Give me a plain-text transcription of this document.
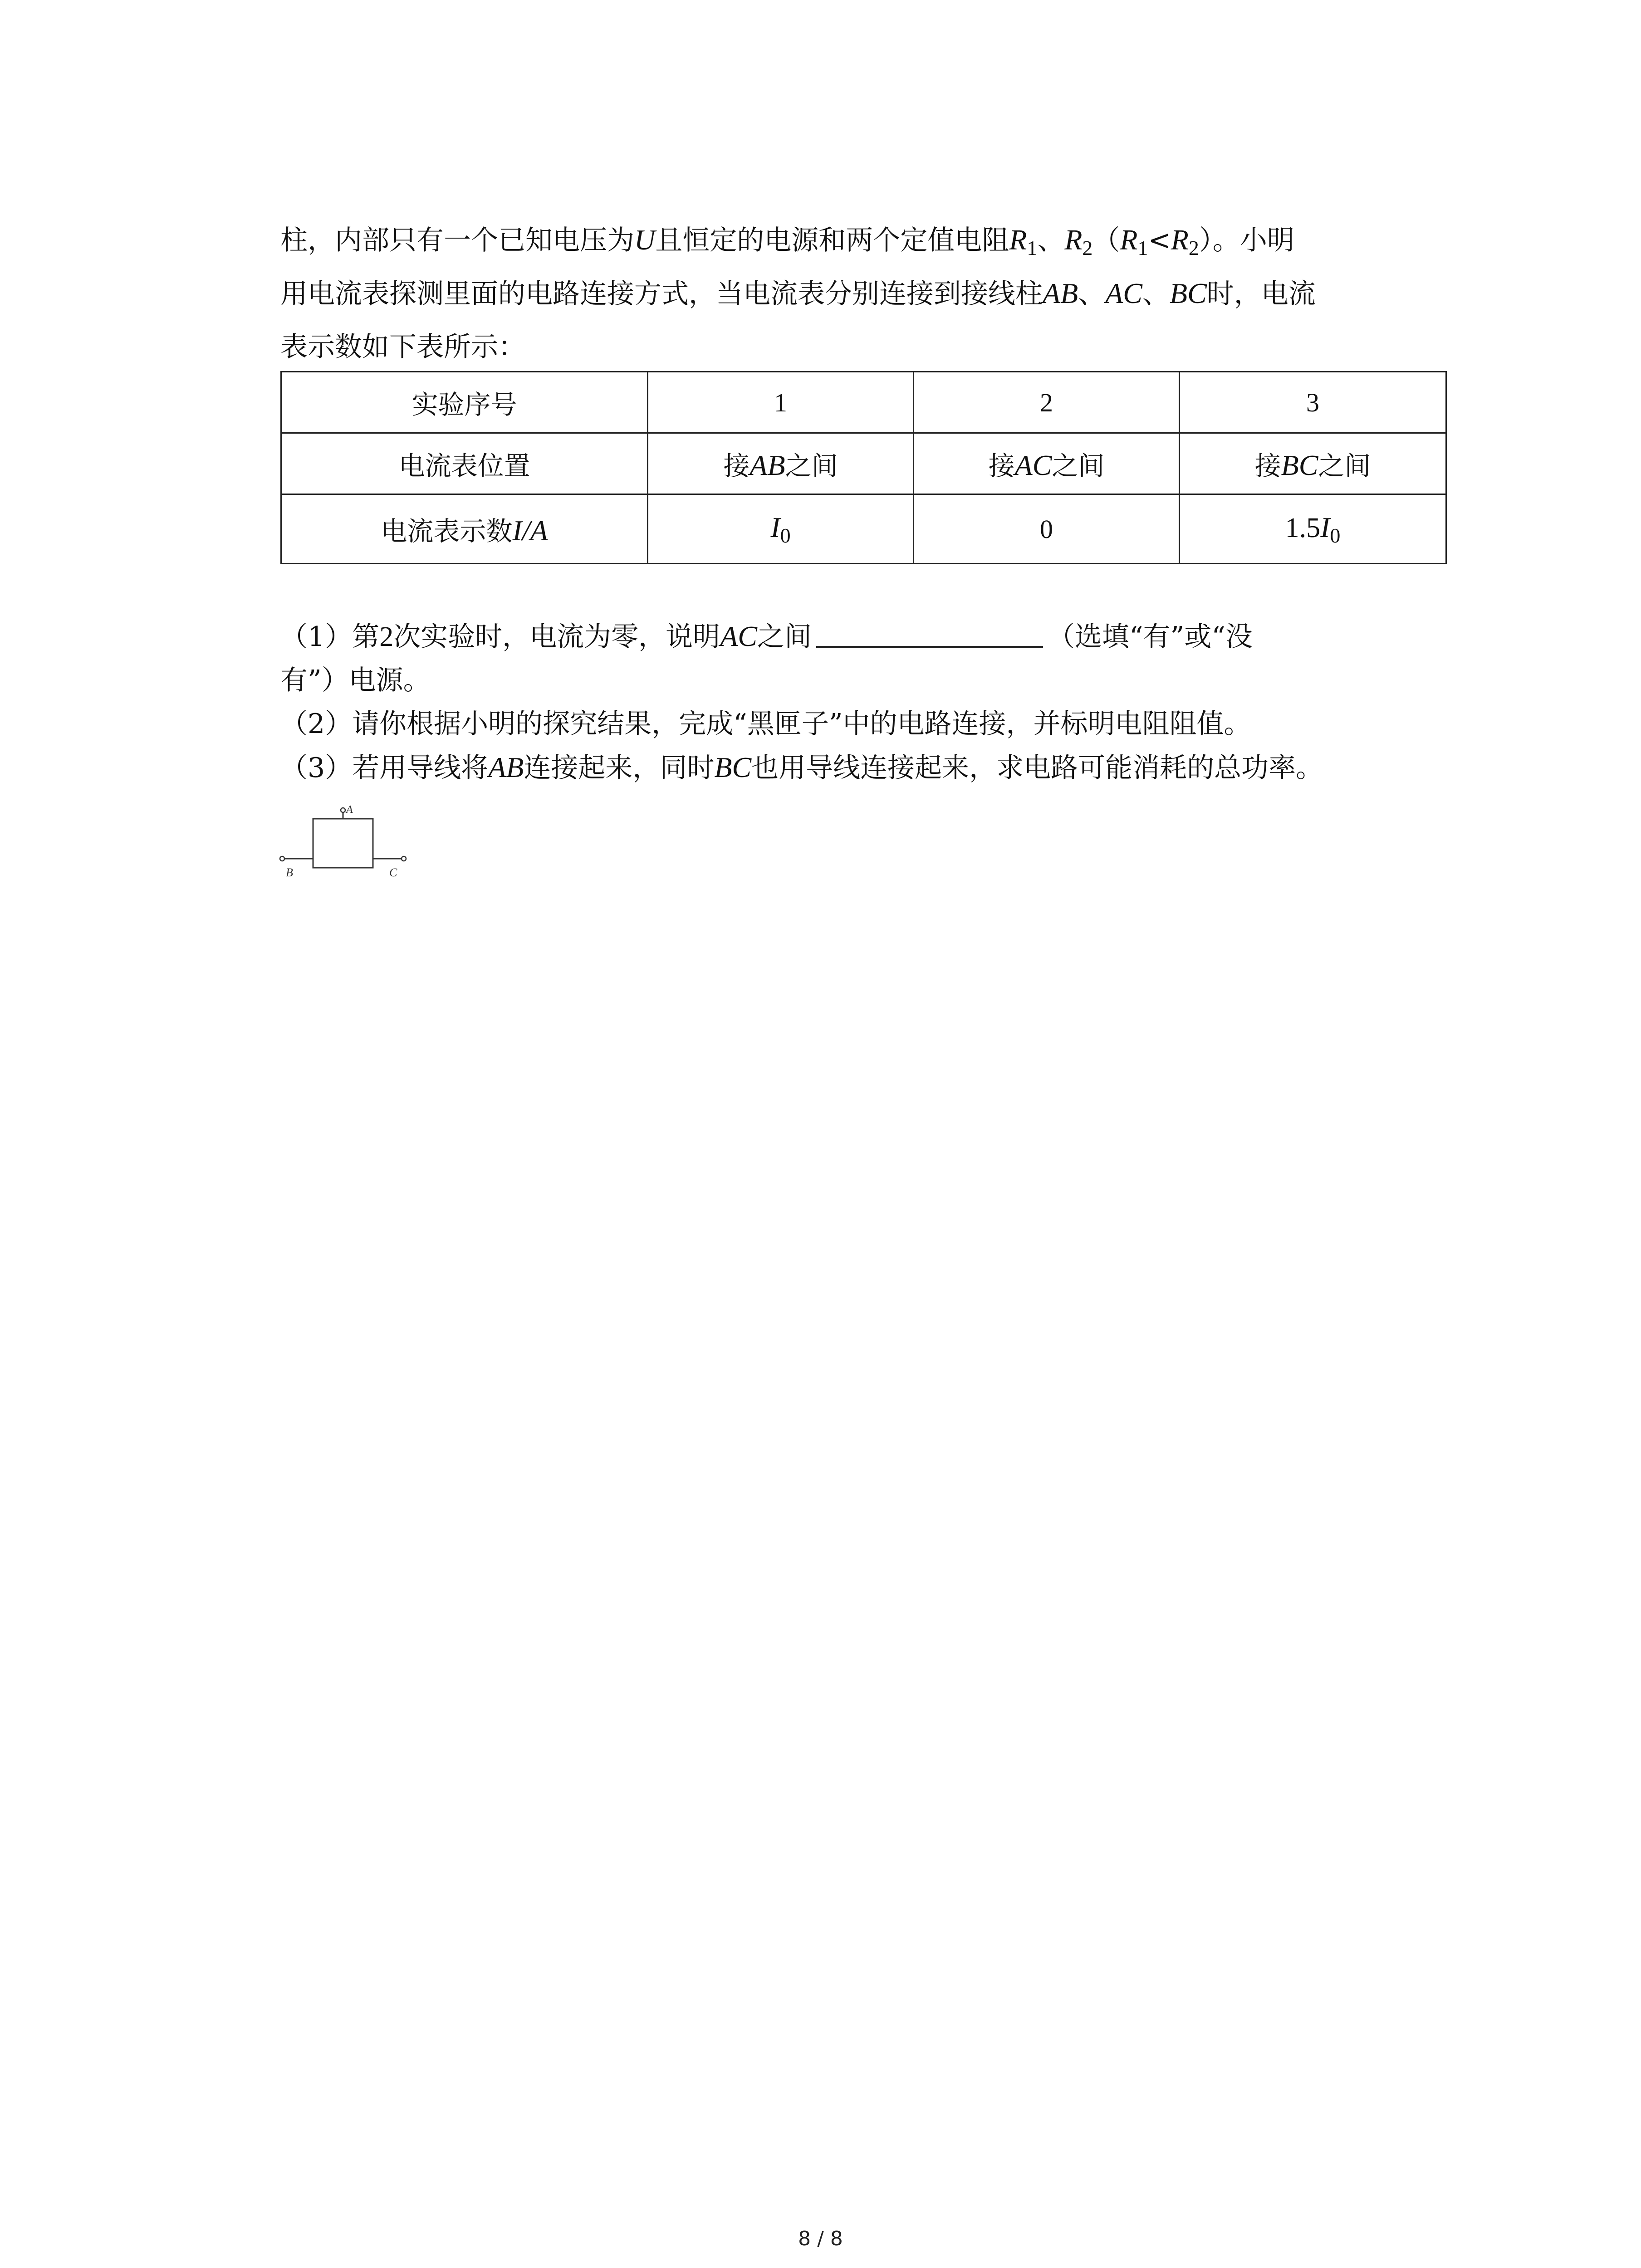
柱，内部只有一个已知电压为U且恒定的电源和两个定值电阻$R_1$、$R_2(R_1<R_2)$。小明
用电流表探测里面的电路连接方式，当电流表分别连接到接线柱AB、AC、BC时，电流
表示数如下表所示：
实验序号	1	2	3
电流表位置	接AB之间	接AC之间	接BC之间
电流表示数I/A	$I_0$	0	$1.5I_0$
（1）第2次实验时，电流为零，说明AC之间	（选填“有”或“没
有”）电源。
（2）请你根据小明的探究结果，完成“黑匣子”中的电路连接，并标明电阻阻值。
（3）若用导线将AB连接起来，同时BC也用导线连接起来，求电路可能消耗的总功率。
A
B	C
8 / 8
